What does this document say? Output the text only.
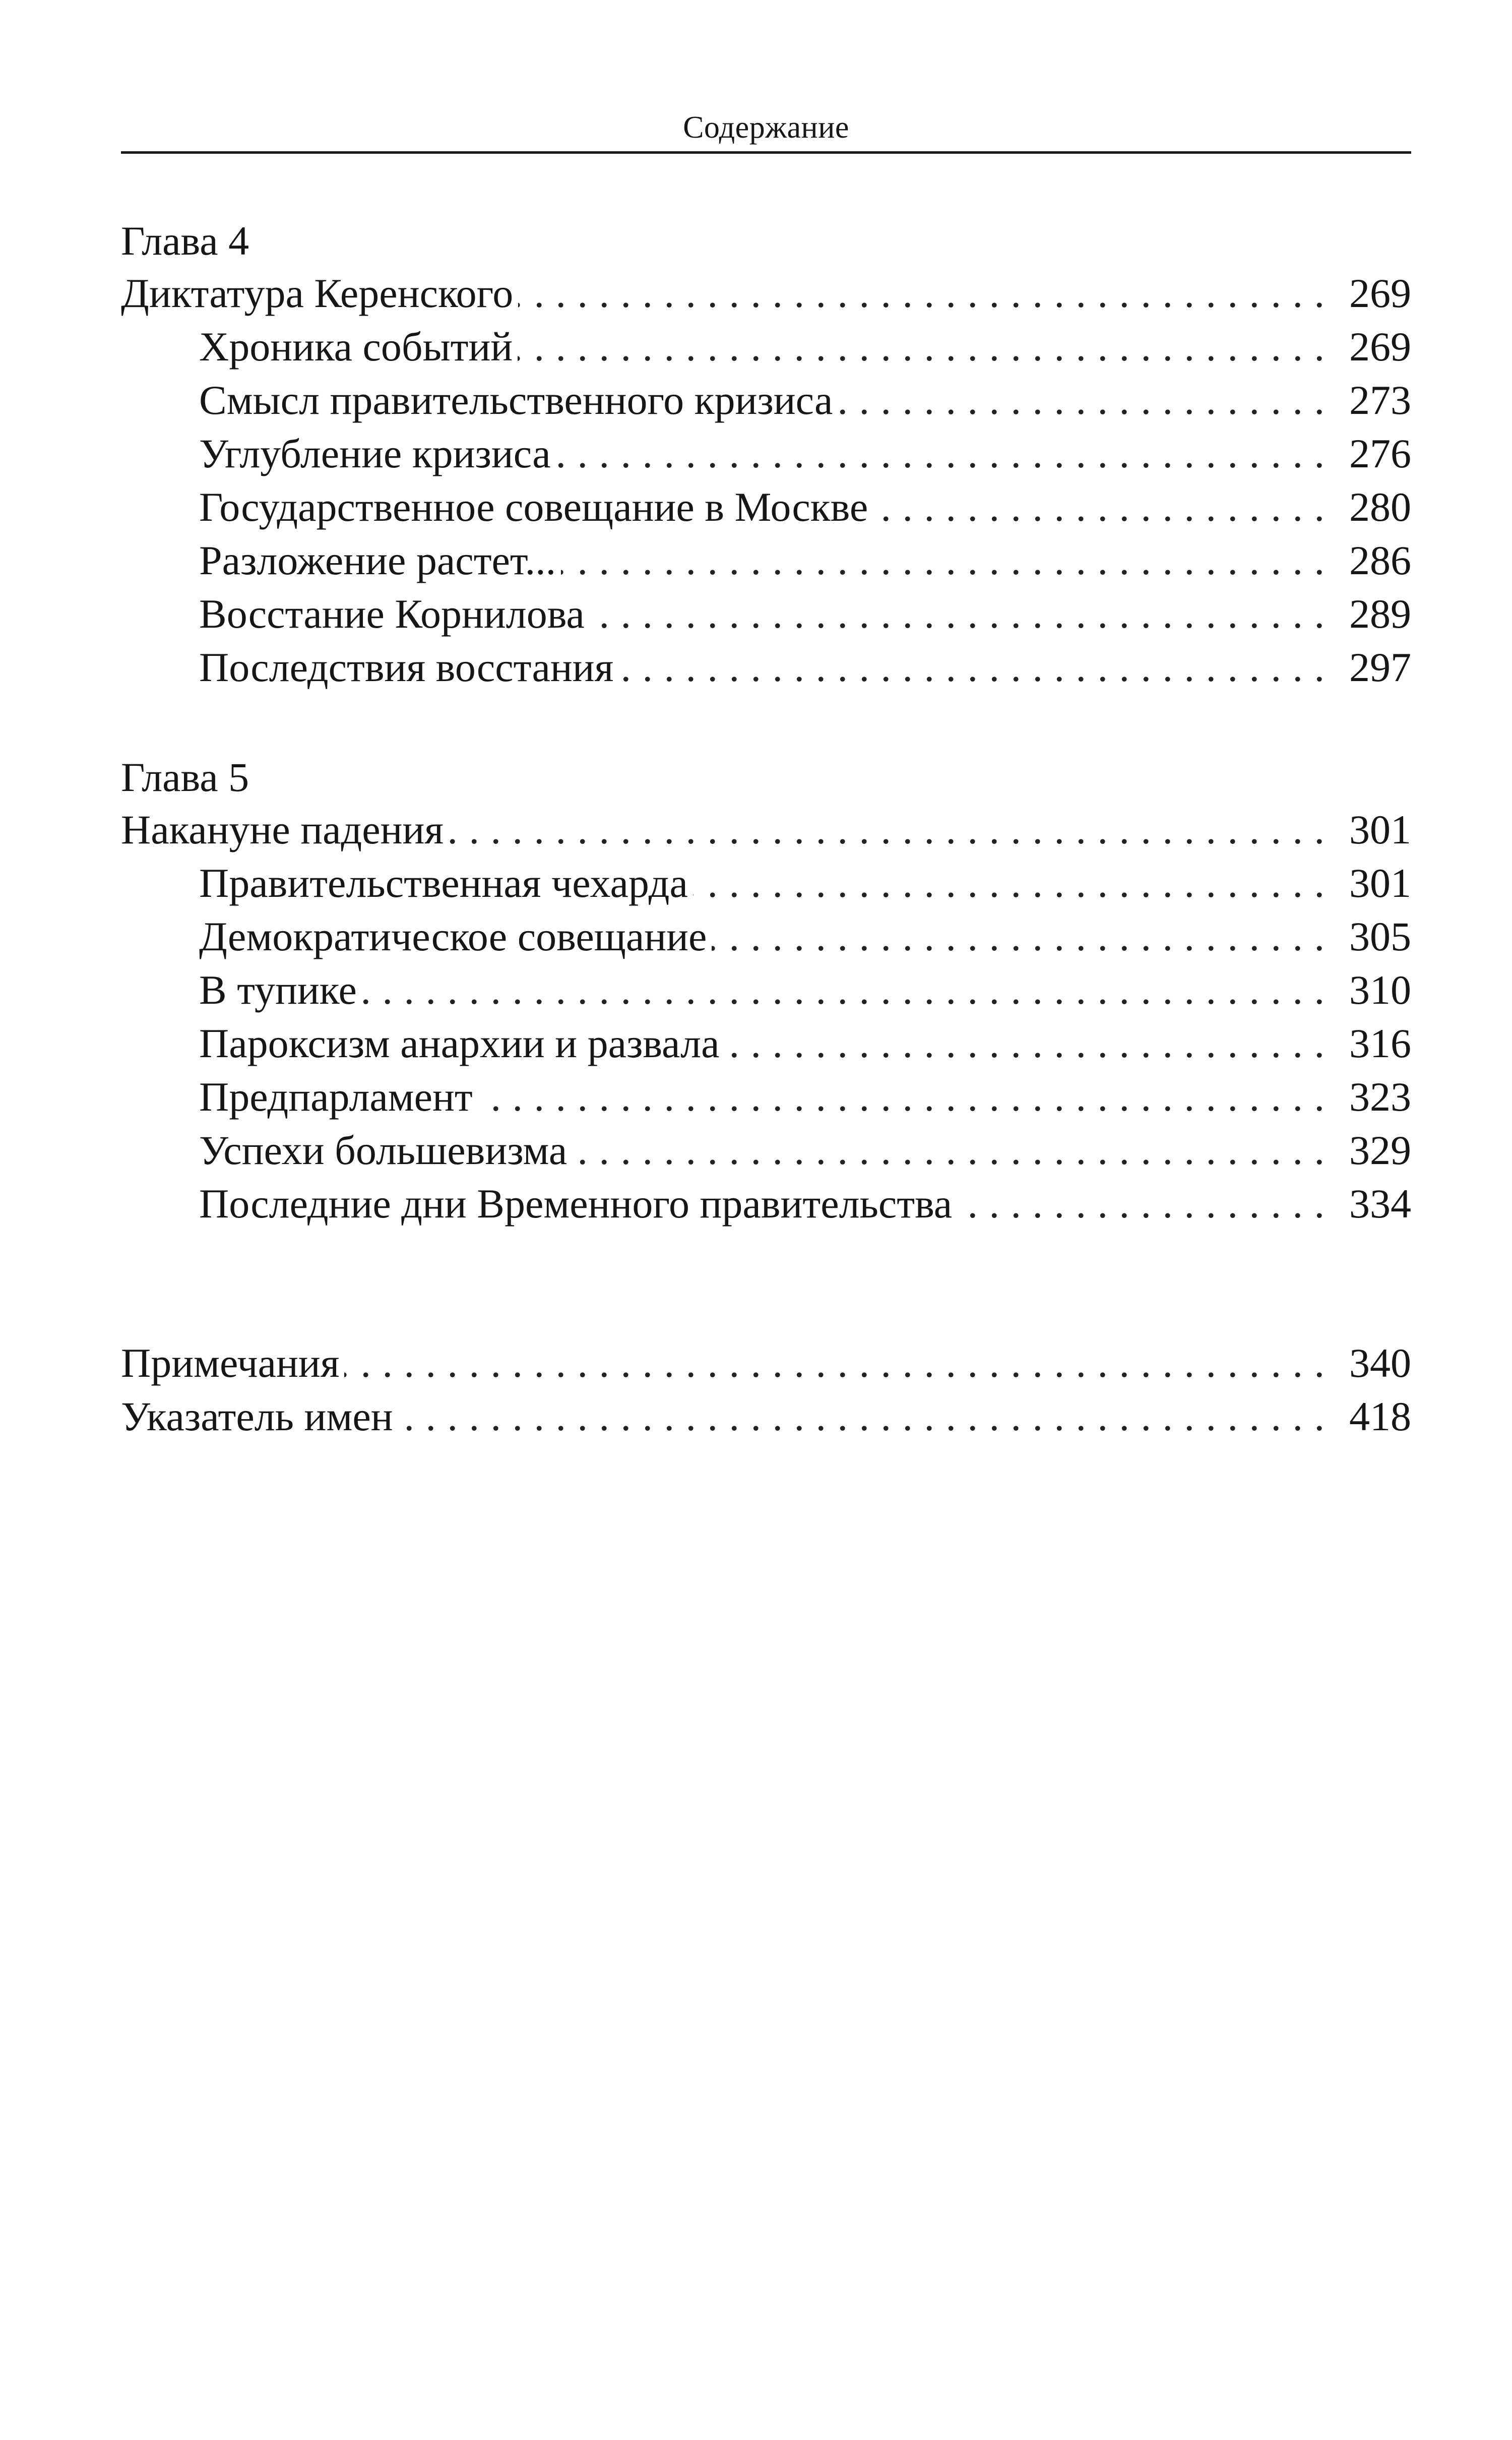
Содержание
Глава 4
Диктатура Керенского . . .	269
Хроника событий . . .	269
Смысл правительственного кризиса . . .	273
Углубление кризиса . . .	276
Государственное совещание в Москве . . .	280
Разложение растет... . . .	286
Восстание Корнилова . . .	289
Последствия восстания . . .	297
Глава 5
Накануне падения . . .	301
Правительственная чехарда . . .	301
Демократическое совещание . . .	305
В тупике . . .	310
Пароксизм анархии и развала . . .	316
Предпарламент . . .	323
Успехи большевизма . . .	329
Последние дни Временного правительства . . .	334
Примечания . . .	340
Указатель имен . . .	418
